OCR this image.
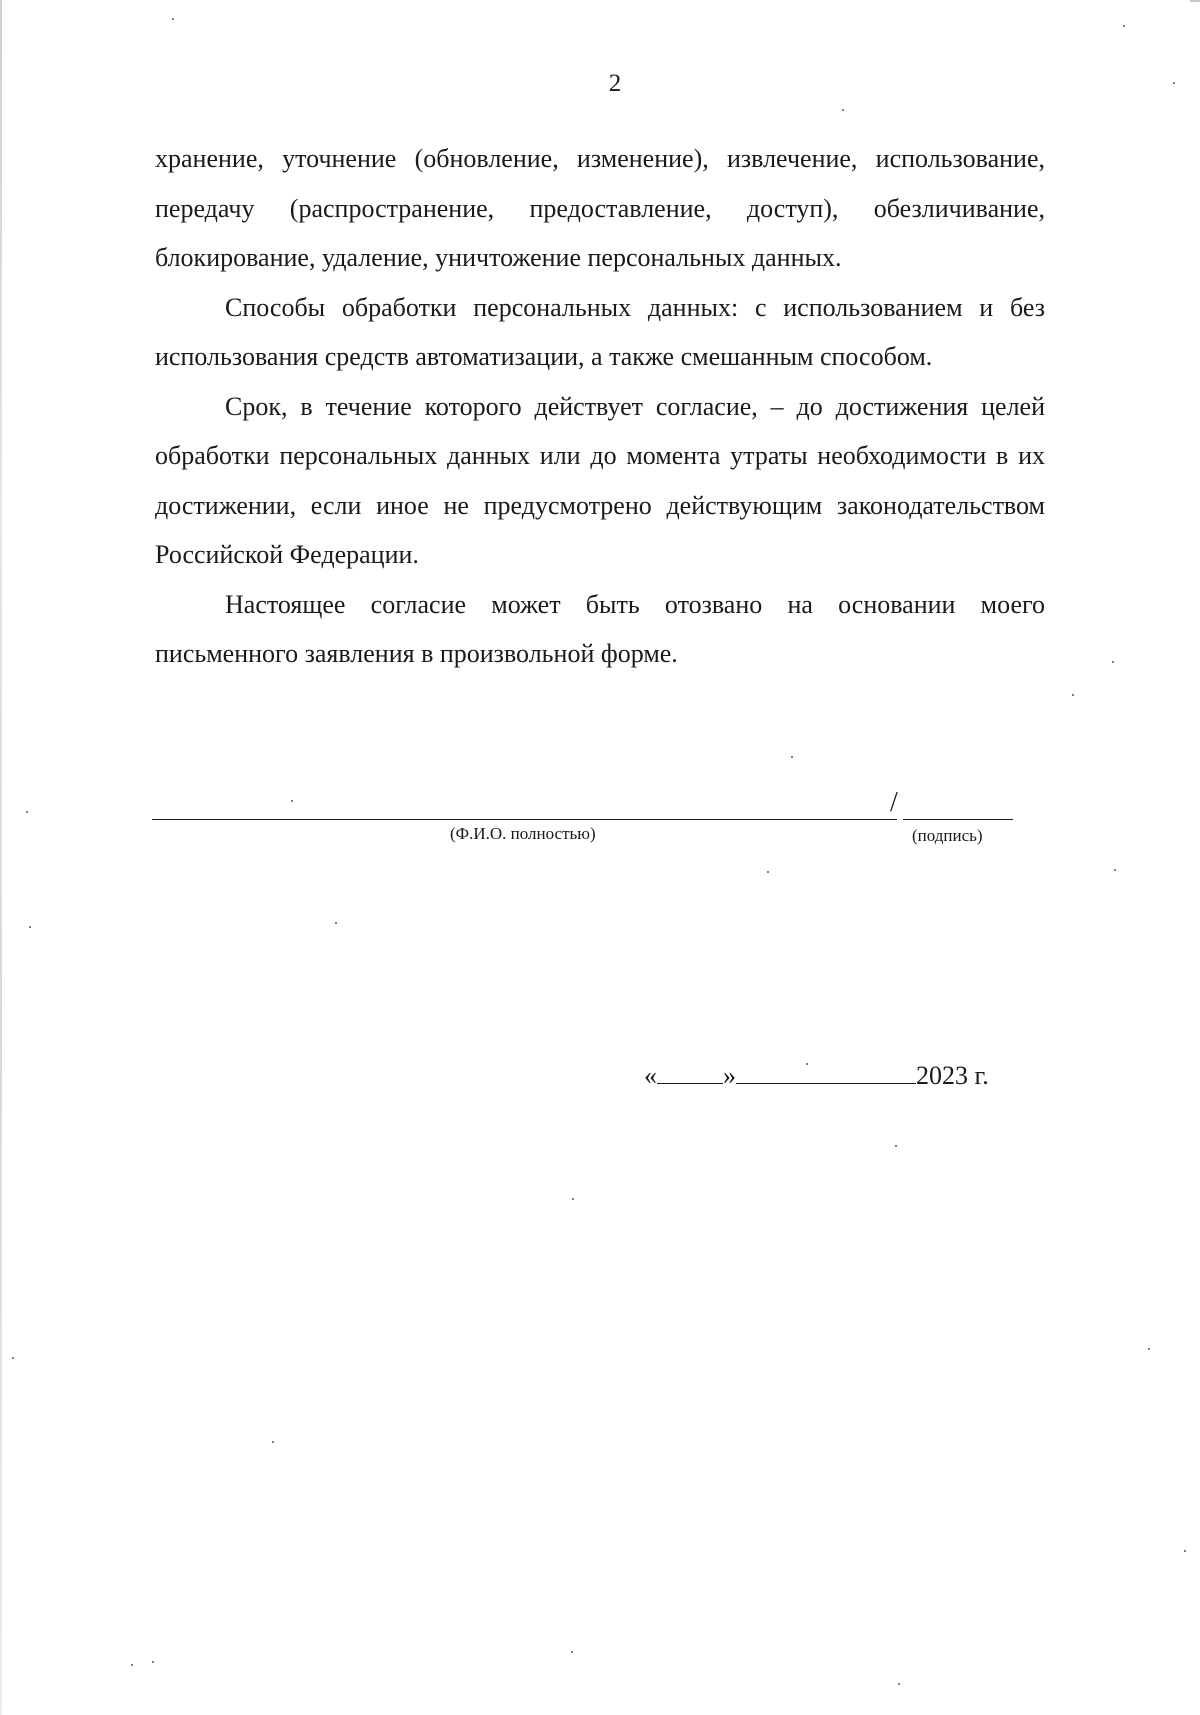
2

хранение, уточнение (обновление, изменение), извлечение, использование, передачу (распространение, предоставление, доступ), обезличивание, блокирование, удаление, уничтожение персональных данных.

Способы обработки персональных данных: с использованием и без использования средств автоматизации, а также смешанным способом.

Срок, в течение которого действует согласие, – до достижения целей обработки персональных данных или до момента утраты необходимости в их достижении, если иное не предусмотрено действующим законодательством Российской Федерации.

Настоящее согласие может быть отозвано на основании моего письменного заявления в произвольной форме.

/
(Ф.И.О. полностью)	(подпись)
«	»	2023 г.
